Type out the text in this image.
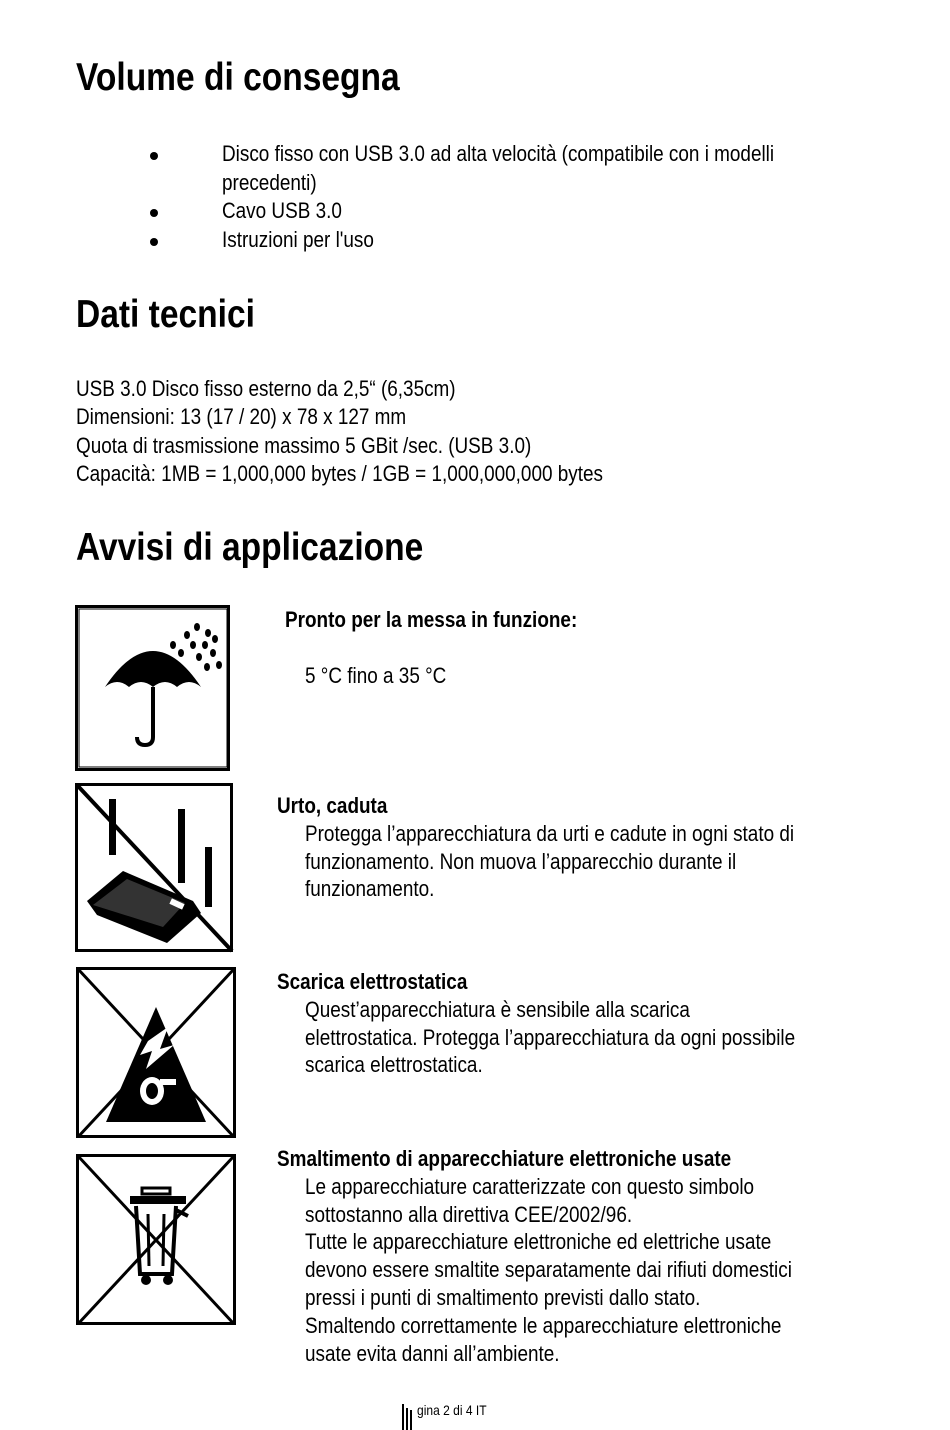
Volume di consegna
Disco fisso con USB 3.0 ad alta velocità (compatibile con i modelli
precedenti)
Cavo USB 3.0
Istruzioni per l'uso
Dati tecnici
USB 3.0 Disco fisso esterno da 2,5“ (6,35cm)
Dimensioni: 13 (17 / 20) x 78 x 127 mm
Quota di trasmissione massimo 5 GBit /sec. (USB 3.0)
Capacità: 1MB = 1,000,000 bytes / 1GB = 1,000,000,000 bytes
Avvisi di applicazione
Pronto per la messa in funzione:
5 °C fino a 35 °C
Urto, caduta
Protegga l’apparecchiatura da urti e cadute in ogni stato di
funzionamento. Non muova l’apparecchio durante il
funzionamento.
Scarica elettrostatica
Quest’apparecchiatura è sensibile alla scarica
elettrostatica. Protegga l’apparecchiatura da ogni possibile
scarica elettrostatica.
Smaltimento di apparecchiature elettroniche usate
Le apparecchiature caratterizzate con questo simbolo
sottostanno alla direttiva CEE/2002/96.
Tutte le apparecchiature elettroniche ed elettriche usate
devono essere smaltite separatamente dai rifiuti domestici
pressi i punti di smaltimento previsti dallo stato.
Smaltendo correttamente le apparecchiature elettroniche
usate evita danni all’ambiente.
gina 2 di 4 IT
